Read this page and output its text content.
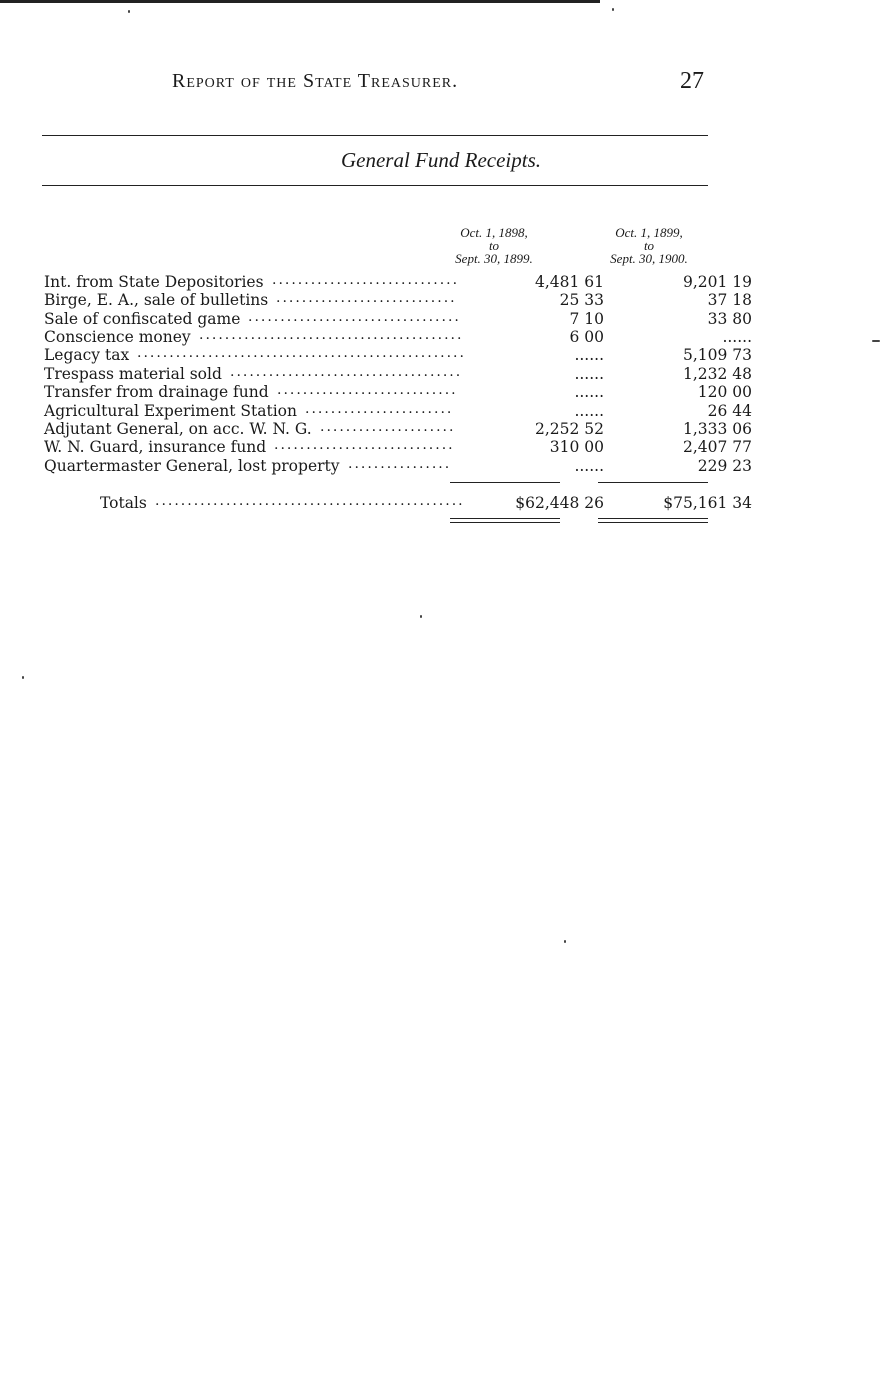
Report of the State Treasurer.	27
General Fund Receipts.
Oct. 1, 1898,
to
Sept. 30, 1899.
Oct. 1, 1899,
to
Sept. 30, 1900.
Int. from State Depositories .............................	4,481 61	9,201 19
Birge, E. A., sale of bulletins ............................	25 33	37 18
Sale of confiscated game .................................	7 10	33 80
Conscience money .........................................	6 00	......
Legacy tax ...................................................	......	5,109 73
Trespass material sold ....................................	......	1,232 48
Transfer from drainage fund ............................	......	120 00
Agricultural Experiment Station .......................	......	26 44
Adjutant General, on acc. W. N. G. .....................	2,252 52	1,333 06
W. N. Guard, insurance fund ............................	310 00	2,407 77
Quartermaster General, lost property ................	......	229 23
Totals ................................................	$62,448 26	$75,161 34
